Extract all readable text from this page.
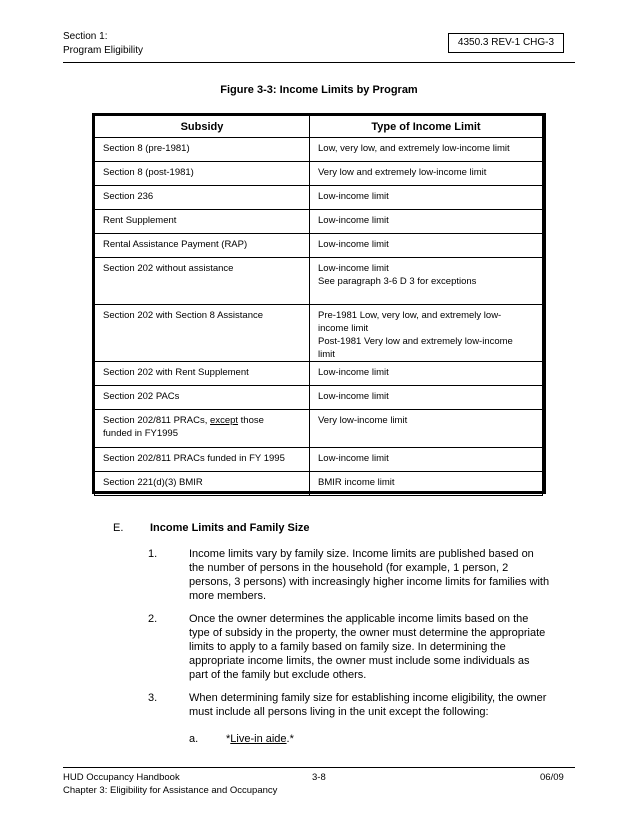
Section 1:
Program Eligibility
4350.3 REV-1 CHG-3
Figure 3-3: Income Limits by Program
Subsidy	Type of Income Limit

Section 8 (pre-1981)	Low, very low, and extremely low-income limit

Section 8 (post-1981)	Very low and extremely low-income limit

Section 236	Low-income limit

Rent Supplement	Low-income limit

Rental Assistance Payment (RAP)	Low-income limit

Section 202 without assistance	Low-income limit
See paragraph 3-6 D 3 for exceptions

Section 202 with Section 8 Assistance	Pre-1981 Low, very low, and extremely low-
income limit
Post-1981 Very low and extremely low-income
limit

Section 202 with Rent Supplement	Low-income limit

Section 202 PACs	Low-income limit

Section 202/811 PRACs, except those
funded in FY1995	Very low-income limit

Section 202/811 PRACs funded in FY 1995	Low-income limit

Section 221(d)(3) BMIR	BMIR income limit
E. Income Limits and Family Size
1.	Income limits vary by family size. Income limits are published based on
the number of persons in the household (for example, 1 person, 2
persons, 3 persons) with increasingly higher income limits for families with
more members.
2.	Once the owner determines the applicable income limits based on the
type of subsidy in the property, the owner must determine the appropriate
limits to apply to a family based on family size. In determining the
appropriate income limits, the owner must include some individuals as
part of the family but exclude others.
3.	When determining family size for establishing income eligibility, the owner
must include all persons living in the unit except the following:
a.	*Live-in aide.*
HUD Occupancy Handbook
Chapter 3: Eligibility for Assistance and Occupancy
3-8	06/09
